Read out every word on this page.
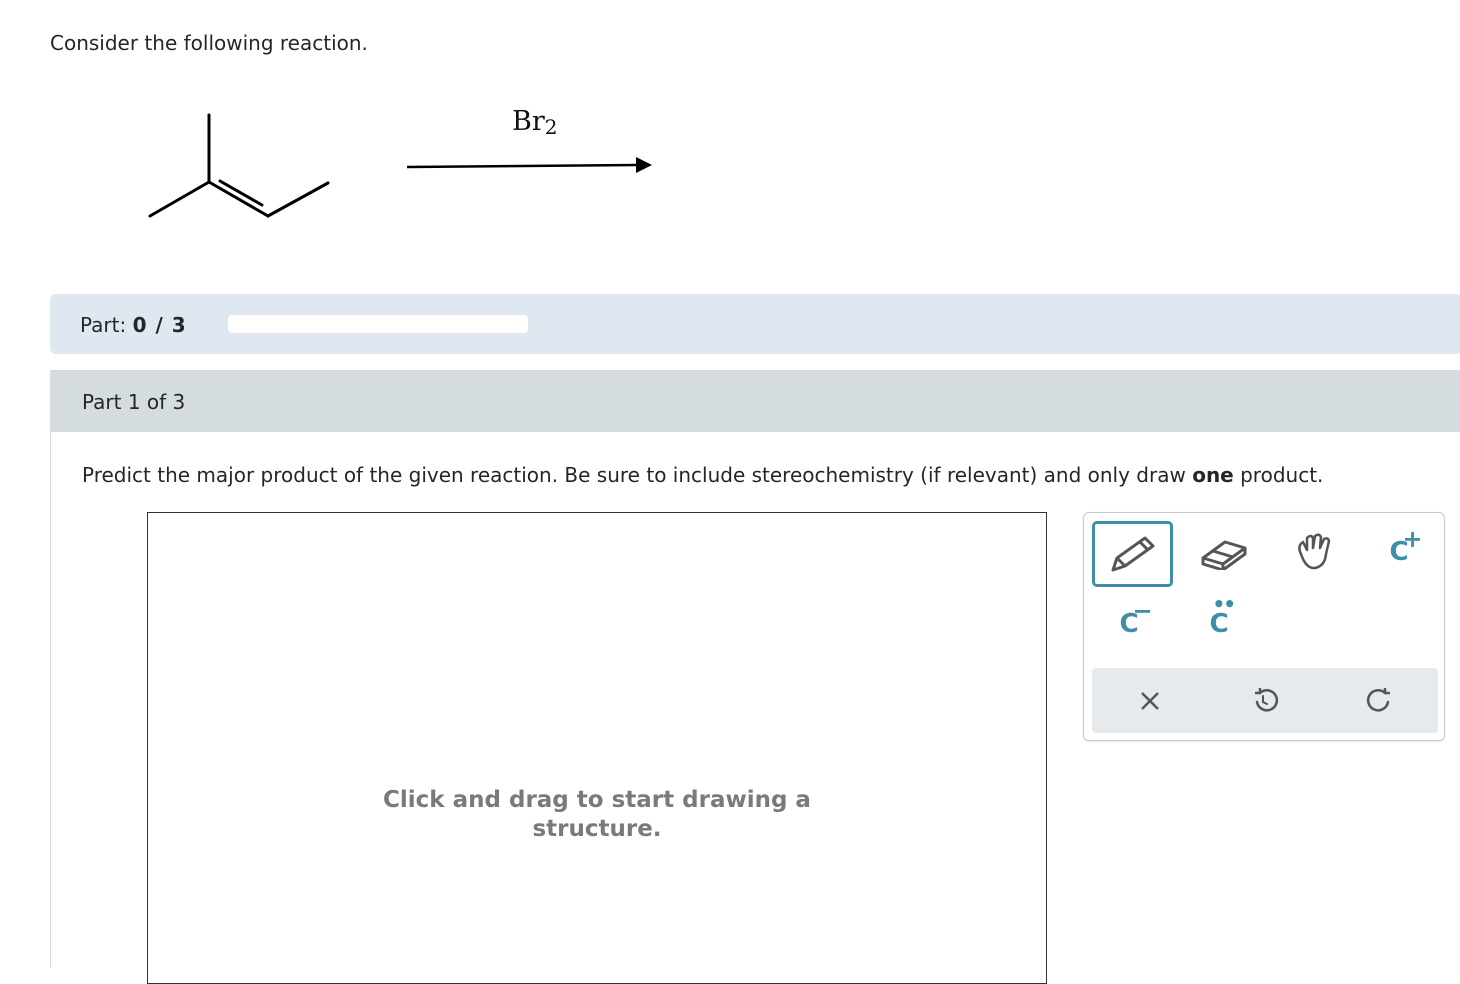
Consider the following reaction.
$Br_2$
Part: 0 / 3
Part 1 of 3
Predict the major product of the given reaction. Be sure to include stereochemistry (if relevant) and only draw one product.
Click and drag to start drawing a structure.
C
+
C
−	••
C
